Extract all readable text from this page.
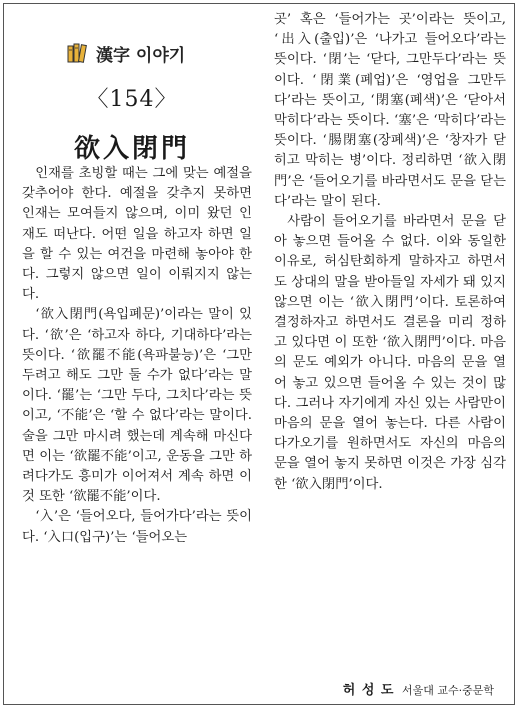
漢字 이야기
〈154〉
欲入閉門

인재를 초빙할 때는 그에 맞는 예절을 갖추어야 한다. 예절을 갖추지 못하면 인재는 모여들지 않으며, 이미 왔던 인재도 떠난다. 어떤 일을 하고자 하면 일을 할 수 있는 여건을 마련해 놓아야 한다. 그렇지 않으면 일이 이뤄지지 않는다.

‘欲入閉門(욕입폐문)’이라는 말이 있다. ‘欲’은 ‘하고자 하다, 기대하다’라는 뜻이다. ‘欲罷不能(욕파불능)’은 ‘그만 두려고 해도 그만 둘 수가 없다’라는 말이다. ‘罷’는 ‘그만 두다, 그치다’라는 뜻이고, ‘不能’은 ‘할 수 없다’라는 말이다. 술을 그만 마시려 했는데 계속해 마신다면 이는 ‘欲罷不能’이고, 운동을 그만 하려다가도 흥미가 이어져서 계속 하면 이것 또한 ‘欲罷不能’이다.

‘入’은 ‘들어오다, 들어가다’라는 뜻이다. ‘入口(입구)’는 ‘들어오는

곳’ 혹은 ‘들어가는 곳’이라는 뜻이고, ‘出入(출입)’은 ‘나가고 들어오다’라는 뜻이다. ‘閉’는 ‘닫다, 그만두다’라는 뜻이다. ‘閉業(폐업)’은 ‘영업을 그만두다’라는 뜻이고, ‘閉塞(폐색)’은 ‘닫아서 막히다’라는 뜻이다. ‘塞’은 ‘막히다’라는 뜻이다. ‘腸閉塞(장폐색)’은 ‘창자가 닫히고 막히는 병’이다. 정리하면 ‘欲入閉門’은 ‘들어오기를 바라면서도 문을 닫는다’라는 말이 된다.

사람이 들어오기를 바라면서 문을 닫아 놓으면 들어올 수 없다. 이와 동일한 이유로, 허심탄회하게 말하자고 하면서도 상대의 말을 받아들일 자세가 돼 있지 않으면 이는 ‘欲入閉門’이다. 토론하여 결정하자고 하면서도 결론을 미리 정하고 있다면 이 또한 ‘欲入閉門’이다. 마음의 문도 예외가 아니다. 마음의 문을 열어 놓고 있으면 들어올 수 있는 것이 많다. 그러나 자기에게 자신 있는 사람만이 마음의 문을 열어 놓는다. 다른 사람이 다가오기를 원하면서도 자신의 마음의 문을 열어 놓지 못하면 이것은 가장 심각한 ‘欲入閉門’이다.

허 성 도 서울대 교수·중문학
